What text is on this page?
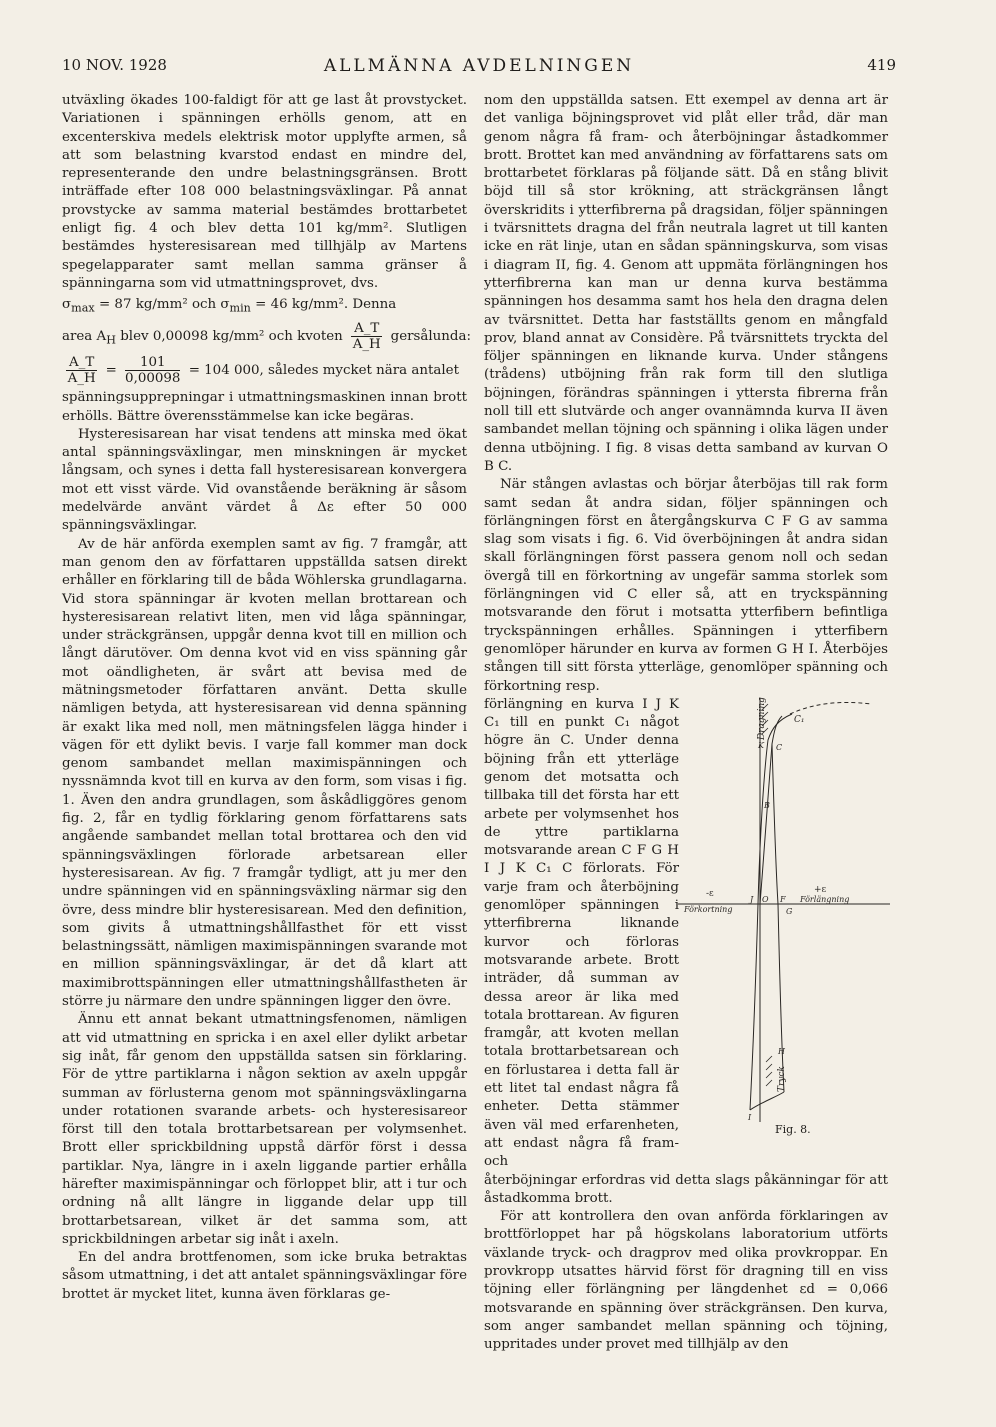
10 NOV. 1928	ALLMÄNNA AVDELNINGEN	419

utväxling ökades 100-faldigt för att ge last åt provstycket. Variationen i spänningen erhölls genom, att en excenterskiva medels elektrisk motor upplyfte armen, så att som belastning kvarstod endast en mindre del, representerande den undre belastningsgränsen. Brott inträffade efter 108 000 belastningsväxlingar. På annat provstycke av samma material bestämdes brottarbetet enligt fig. 4 och blev detta 101 kg/mm². Slutligen bestämdes hysteresisarean med tillhjälp av Martens spegelapparater samt mellan samma gränser å spänningarna som vid utmattningsprovet, dvs.

$\sigma_{max} = 87$ kg/mm² och $\sigma_{min} = 46$ kg/mm². Denna
area $A_H$ blev 0,00098 kg/mm² och kvoten $\frac{A\_T}{A\_H}$ gersålunda:
$\frac{A\_T}{A\_H} = \frac{101}{0,00098} = 104$ 000, således mycket nära antalet

spänningsupprepningar i utmattningsmaskinen innan brott erhölls. Bättre överensstämmelse kan icke begäras.

Hysteresisarean har visat tendens att minska med ökat antal spänningsväxlingar, men minskningen är mycket långsam, och synes i detta fall hysteresisarean konvergera mot ett visst värde. Vid ovanstående beräkning är såsom medelvärde använt värdet å Δε efter 50 000 spänningsväxlingar.

Av de här anförda exemplen samt av fig. 7 framgår, att man genom den av författaren uppställda satsen direkt erhåller en förklaring till de båda Wöhlerska grundlagarna. Vid stora spänningar är kvoten mellan brottarean och hysteresisarean relativt liten, men vid låga spänningar, under sträckgränsen, uppgår denna kvot till en million och långt därutöver. Om denna kvot vid en viss spänning går mot oändligheten, är svårt att bevisa med de mätningsmetoder författaren använt. Detta skulle nämligen betyda, att hysteresisarean vid denna spänning är exakt lika med noll, men mätningsfelen lägga hinder i vägen för ett dylikt bevis. I varje fall kommer man dock genom sambandet mellan maximispänningen och nyssnämnda kvot till en kurva av den form, som visas i fig. 1. Även den andra grundlagen, som åskådliggöres genom fig. 2, får en tydlig förklaring genom författarens sats angående sambandet mellan total brottarea och den vid spänningsväxlingen förlorade arbetsarean eller hysteresisarean. Av fig. 7 framgår tydligt, att ju mer den undre spänningen vid en spänningsväxling närmar sig den övre, dess mindre blir hysteresisarean. Med den definition, som givits å utmattningshållfasthet för ett visst belastningssätt, nämligen maximispänningen svarande mot en million spänningsväxlingar, är det då klart att maximibrottspänningen eller utmattningshållfastheten är större ju närmare den undre spänningen ligger den övre.

Ännu ett annat bekant utmattningsfenomen, nämligen att vid utmattning en spricka i en axel eller dylikt arbetar sig inåt, får genom den uppställda satsen sin förklaring. För de yttre partiklarna i någon sektion av axeln uppgår summan av förlusterna genom mot spänningsväxlingarna under rotationen svarande arbets- och hysteresisareor först till den totala brottarbetsarean per volymsenhet. Brott eller sprickbildning uppstå därför först i dessa partiklar. Nya, längre in i axeln liggande partier erhålla härefter maximispänningar och förloppet blir, att i tur och ordning nå allt längre in liggande delar upp till brottarbetsarean, vilket är det samma som, att sprickbildningen arbetar sig inåt i axeln.

En del andra brottfenomen, som icke bruka betraktas såsom utmattning, i det att antalet spänningsväxlingar före brottet är mycket litet, kunna även förklaras ge-

nom den uppställda satsen. Ett exempel av denna art är det vanliga böjningsprovet vid plåt eller tråd, där man genom några få fram- och återböjningar åstadkommer brott. Brottet kan med användning av författarens sats om brottarbetet förklaras på följande sätt. Då en stång blivit böjd till så stor krökning, att sträckgränsen långt överskridits i ytterfibrerna på dragsidan, följer spänningen i tvärsnittets dragna del från neutrala lagret ut till kanten icke en rät linje, utan en sådan spänningskurva, som visas i diagram II, fig. 4. Genom att uppmäta förlängningen hos ytterfibrerna kan man ur denna kurva bestämma spänningen hos desamma samt hos hela den dragna delen av tvärsnittet. Detta har fastställts genom en mångfald prov, bland annat av Considère. På tvärsnittets tryckta del följer spänningen en liknande kurva. Under stångens (trådens) utböjning från rak form till den slutliga böjningen, förändras spänningen i yttersta fibrerna från noll till ett slutvärde och anger ovannämnda kurva II även sambandet mellan töjning och spänning i olika lägen under denna utböjning. I fig. 8 visas detta samband av kurvan O B C.

När stången avlastas och börjar återböjas till rak form samt sedan åt andra sidan, följer spänningen och förlängningen först en återgångskurva C F G av samma slag som visats i fig. 6. Vid överböjningen åt andra sidan skall förlängningen först passera genom noll och sedan övergå till en förkortning av ungefär samma storlek som förlängningen vid C eller så, att en tryckspänning motsvarande den förut i motsatta ytterfibern befintliga tryckspänningen erhålles. Spänningen i ytterfibern genomlöper härunder en kurva av formen G H I. Återböjes stången till sitt första ytterläge, genomlöper spänning och förkortning resp.

förlängning en kurva I J K C₁ till en punkt C₁ något högre än C. Under denna böjning från ett ytterläge genom det motsatta och tillbaka till det första har ett arbete per volymsenhet hos de yttre partiklarna motsvarande arean C F G H I J K C₁ C förlorats. För varje fram och återböjning genomlöper spänningen i ytterfibrerna liknande kurvor och förloras motsvarande arbete. Brott inträder, då summan av dessa areor är lika med totala brottarean. Av figuren framgår, att kvoten mellan totala brottarbetsarean och en förlustarea i detta fall är ett litet tal endast några få enheter. Detta stämmer även väl med erfarenheten, att endast några få fram- och

återböjningar erfordras vid detta slags påkänningar för att åstadkomma brott.

För att kontrollera den ovan anförda förklaringen av brottförloppet har på högskolans laboratorium utförts växlande tryck- och dragprov med olika provkroppar. En provkropp utsattes härvid först för dragning till en viss töjning eller förlängning per längdenhet εd = 0,066 motsvarande en spänning över sträckgränsen. Den kurva, som anger sambandet mellan spänning och töjning, uppritades under provet med tillhjälp av den

Dragning
Tryck
Förkortning
Förlängning
-ε	+ε
C₁
K C
B
J O F
G
H
I
Fig. 8.
